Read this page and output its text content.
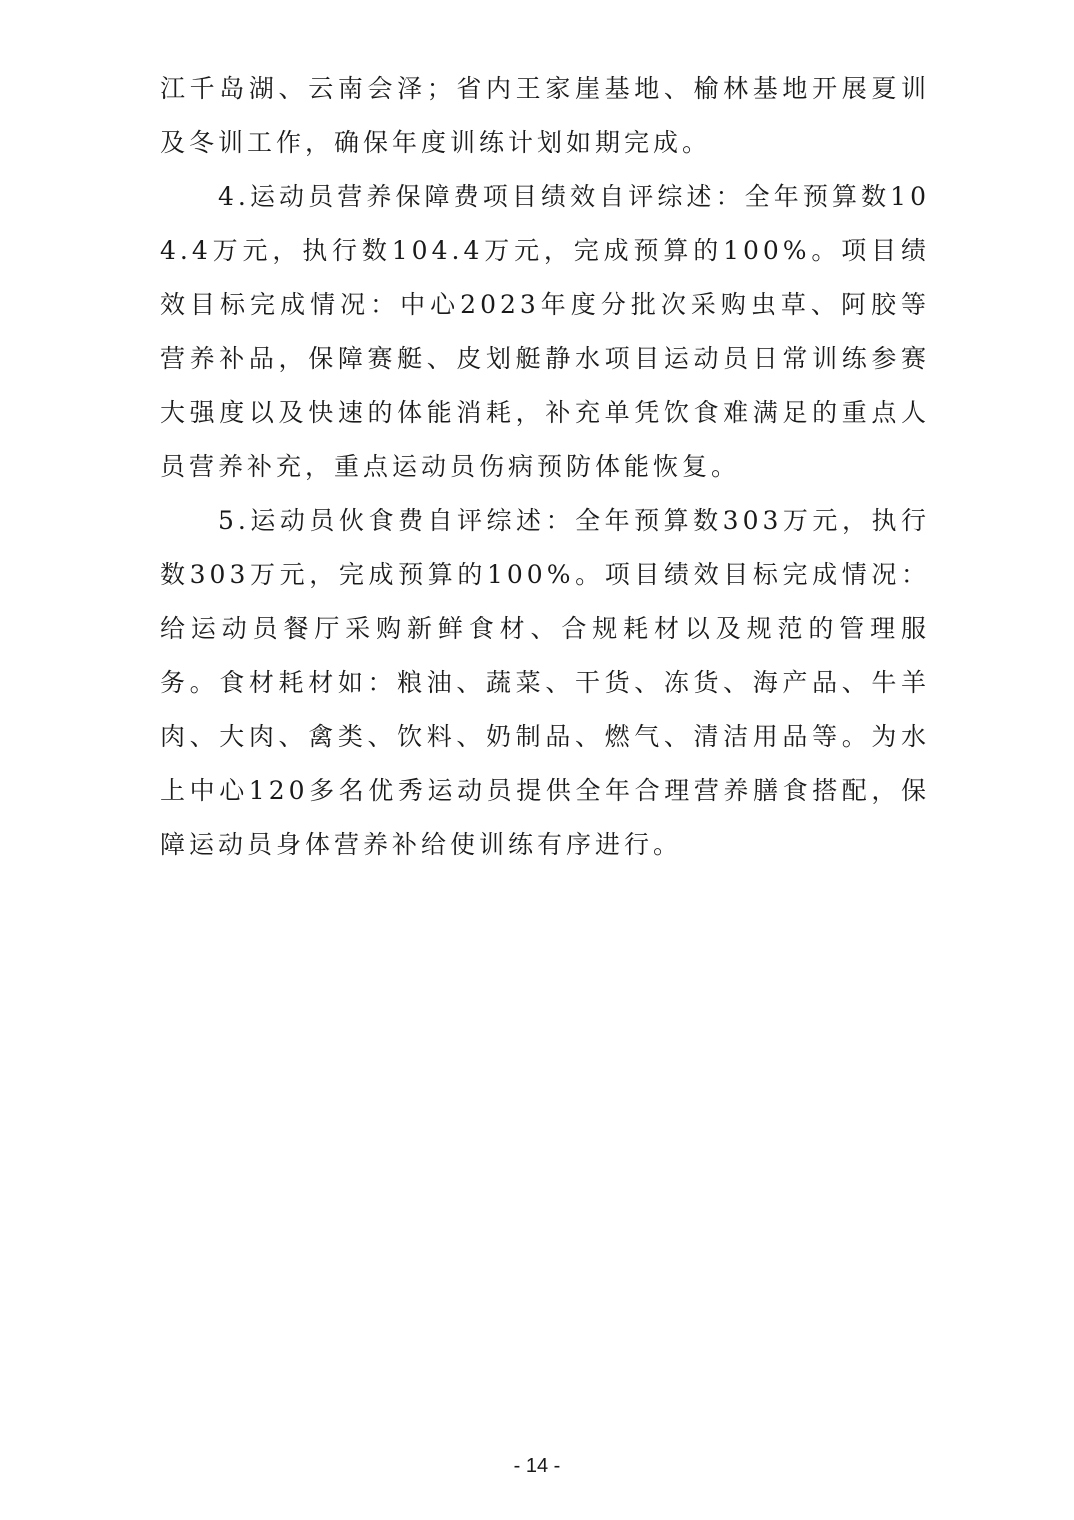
江千岛湖、云南会泽；省内王家崖基地、榆林基地开展夏训及冬训工作，确保年度训练计划如期完成。

4.运动员营养保障费项目绩效自评综述：全年预算数104.4万元，执行数104.4万元，完成预算的100%。项目绩效目标完成情况：中心2023年度分批次采购虫草、阿胶等营养补品，保障赛艇、皮划艇静水项目运动员日常训练参赛大强度以及快速的体能消耗，补充单凭饮食难满足的重点人员营养补充，重点运动员伤病预防体能恢复。

5.运动员伙食费自评综述：全年预算数303万元，执行数303万元，完成预算的100%。项目绩效目标完成情况：给运动员餐厅采购新鲜食材、合规耗材以及规范的管理服务。食材耗材如：粮油、蔬菜、干货、冻货、海产品、牛羊肉、大肉、禽类、饮料、奶制品、燃气、清洁用品等。为水上中心120多名优秀运动员提供全年合理营养膳食搭配，保障运动员身体营养补给使训练有序进行。

- 14 -
